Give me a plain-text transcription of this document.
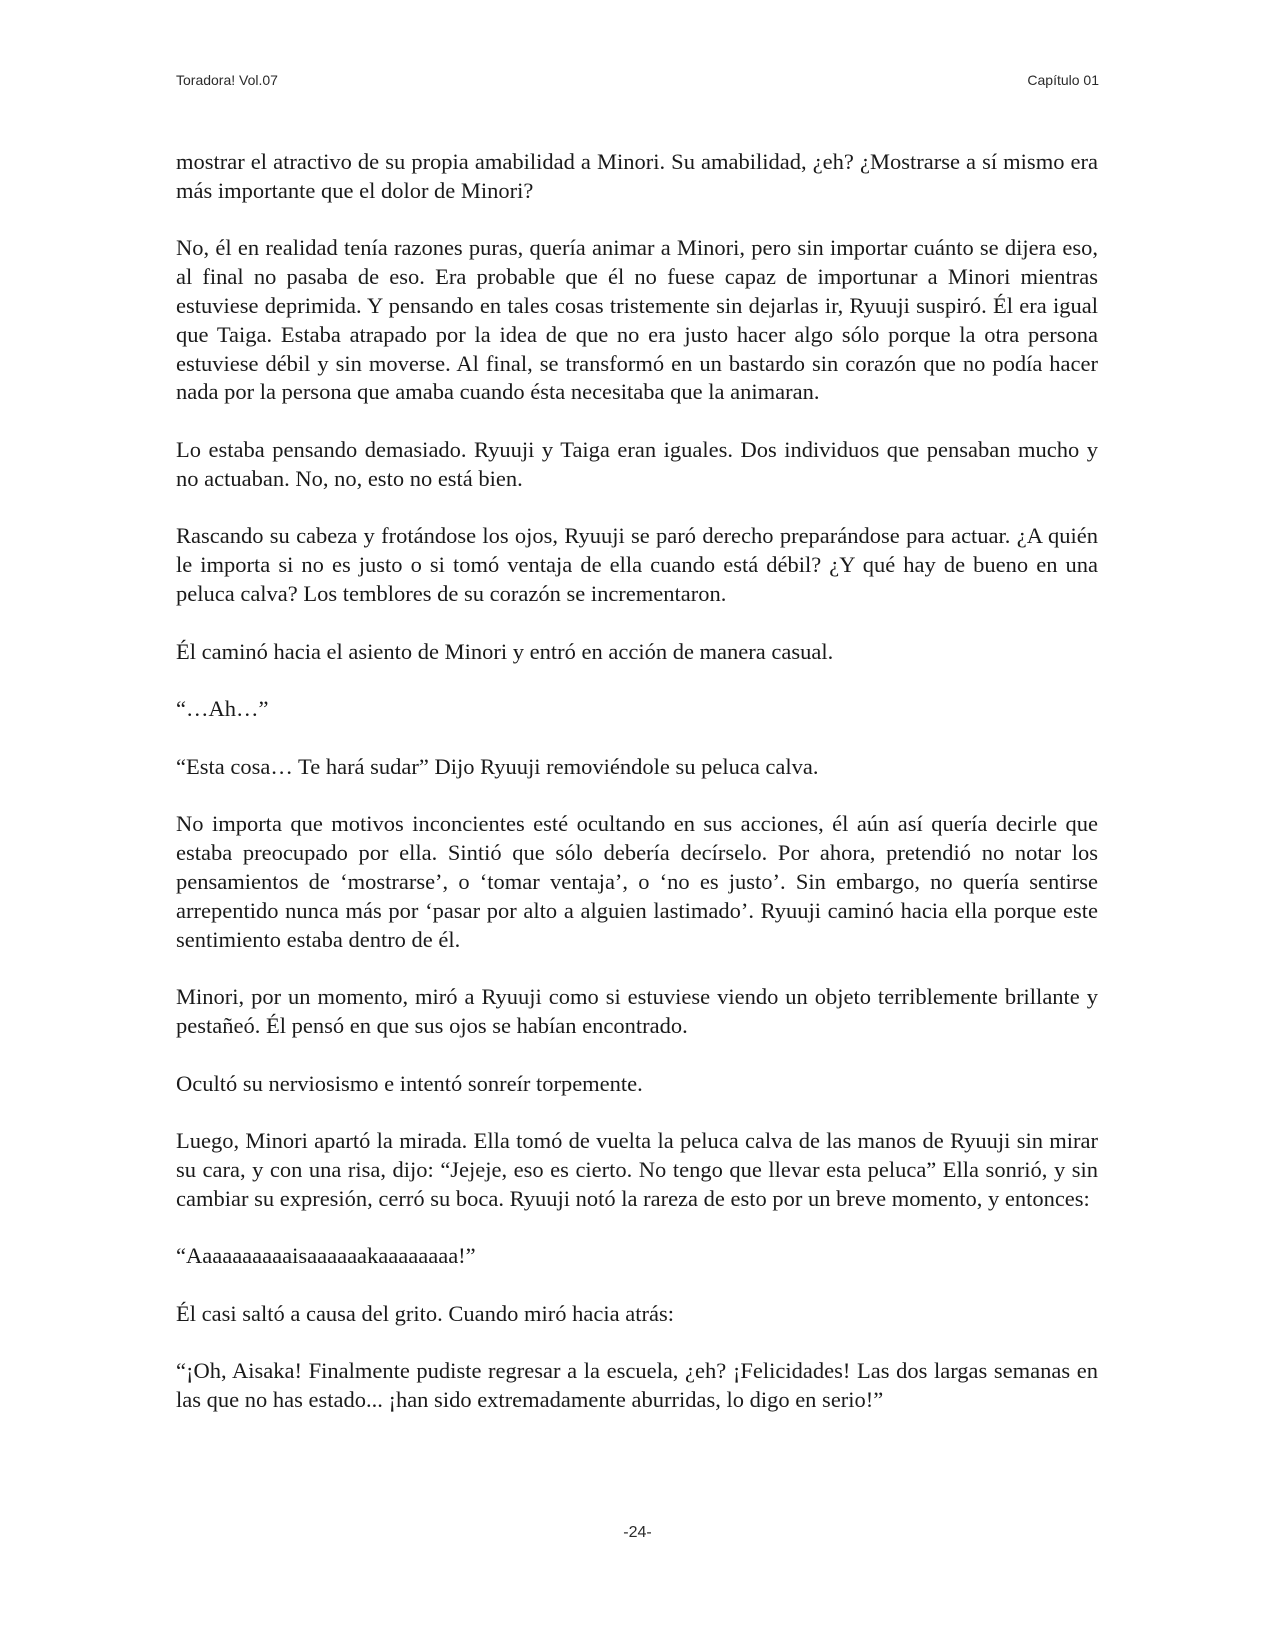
Toradora! Vol.07	Capítulo 01

mostrar el atractivo de su propia amabilidad a Minori. Su amabilidad, ¿eh? ¿Mostrarse a sí mismo era más importante que el dolor de Minori?

No, él en realidad tenía razones puras, quería animar a Minori, pero sin importar cuánto se dijera eso, al final no pasaba de eso. Era probable que él no fuese capaz de importunar a Minori mientras estuviese deprimida. Y pensando en tales cosas tristemente sin dejarlas ir, Ryuuji suspiró. Él era igual que Taiga. Estaba atrapado por la idea de que no era justo hacer algo sólo porque la otra persona estuviese débil y sin moverse. Al final, se transformó en un bastardo sin corazón que no podía hacer nada por la persona que amaba cuando ésta necesitaba que la animaran.

Lo estaba pensando demasiado. Ryuuji y Taiga eran iguales. Dos individuos que pensaban mucho y no actuaban. No, no, esto no está bien.

Rascando su cabeza y frotándose los ojos, Ryuuji se paró derecho preparándose para actuar. ¿A quién le importa si no es justo o si tomó ventaja de ella cuando está débil? ¿Y qué hay de bueno en una peluca calva? Los temblores de su corazón se incrementaron.

Él caminó hacia el asiento de Minori y entró en acción de manera casual.

“…Ah…”

“Esta cosa… Te hará sudar” Dijo Ryuuji removiéndole su peluca calva.

No importa que motivos inconcientes esté ocultando en sus acciones, él aún así quería decirle que estaba preocupado por ella. Sintió que sólo debería decírselo. Por ahora, pretendió no notar los pensamientos de ‘mostrarse’, o ‘tomar ventaja’, o ‘no es justo’. Sin embargo, no quería sentirse arrepentido nunca más por ‘pasar por alto a alguien lastimado’. Ryuuji caminó hacia ella porque este sentimiento estaba dentro de él.

Minori, por un momento, miró a Ryuuji como si estuviese viendo un objeto terriblemente brillante y pestañeó. Él pensó en que sus ojos se habían encontrado.

Ocultó su nerviosismo e intentó sonreír torpemente.

Luego, Minori apartó la mirada. Ella tomó de vuelta la peluca calva de las manos de Ryuuji sin mirar su cara, y con una risa, dijo: “Jejeje, eso es cierto. No tengo que llevar esta peluca” Ella sonrió, y sin cambiar su expresión, cerró su boca. Ryuuji notó la rareza de esto por un breve momento, y entonces:

“Aaaaaaaaaaisaaaaaakaaaaaaaa!”

Él casi saltó a causa del grito. Cuando miró hacia atrás:

“¡Oh, Aisaka! Finalmente pudiste regresar a la escuela, ¿eh? ¡Felicidades! Las dos largas semanas en las que no has estado... ¡han sido extremadamente aburridas, lo digo en serio!”

-24-
